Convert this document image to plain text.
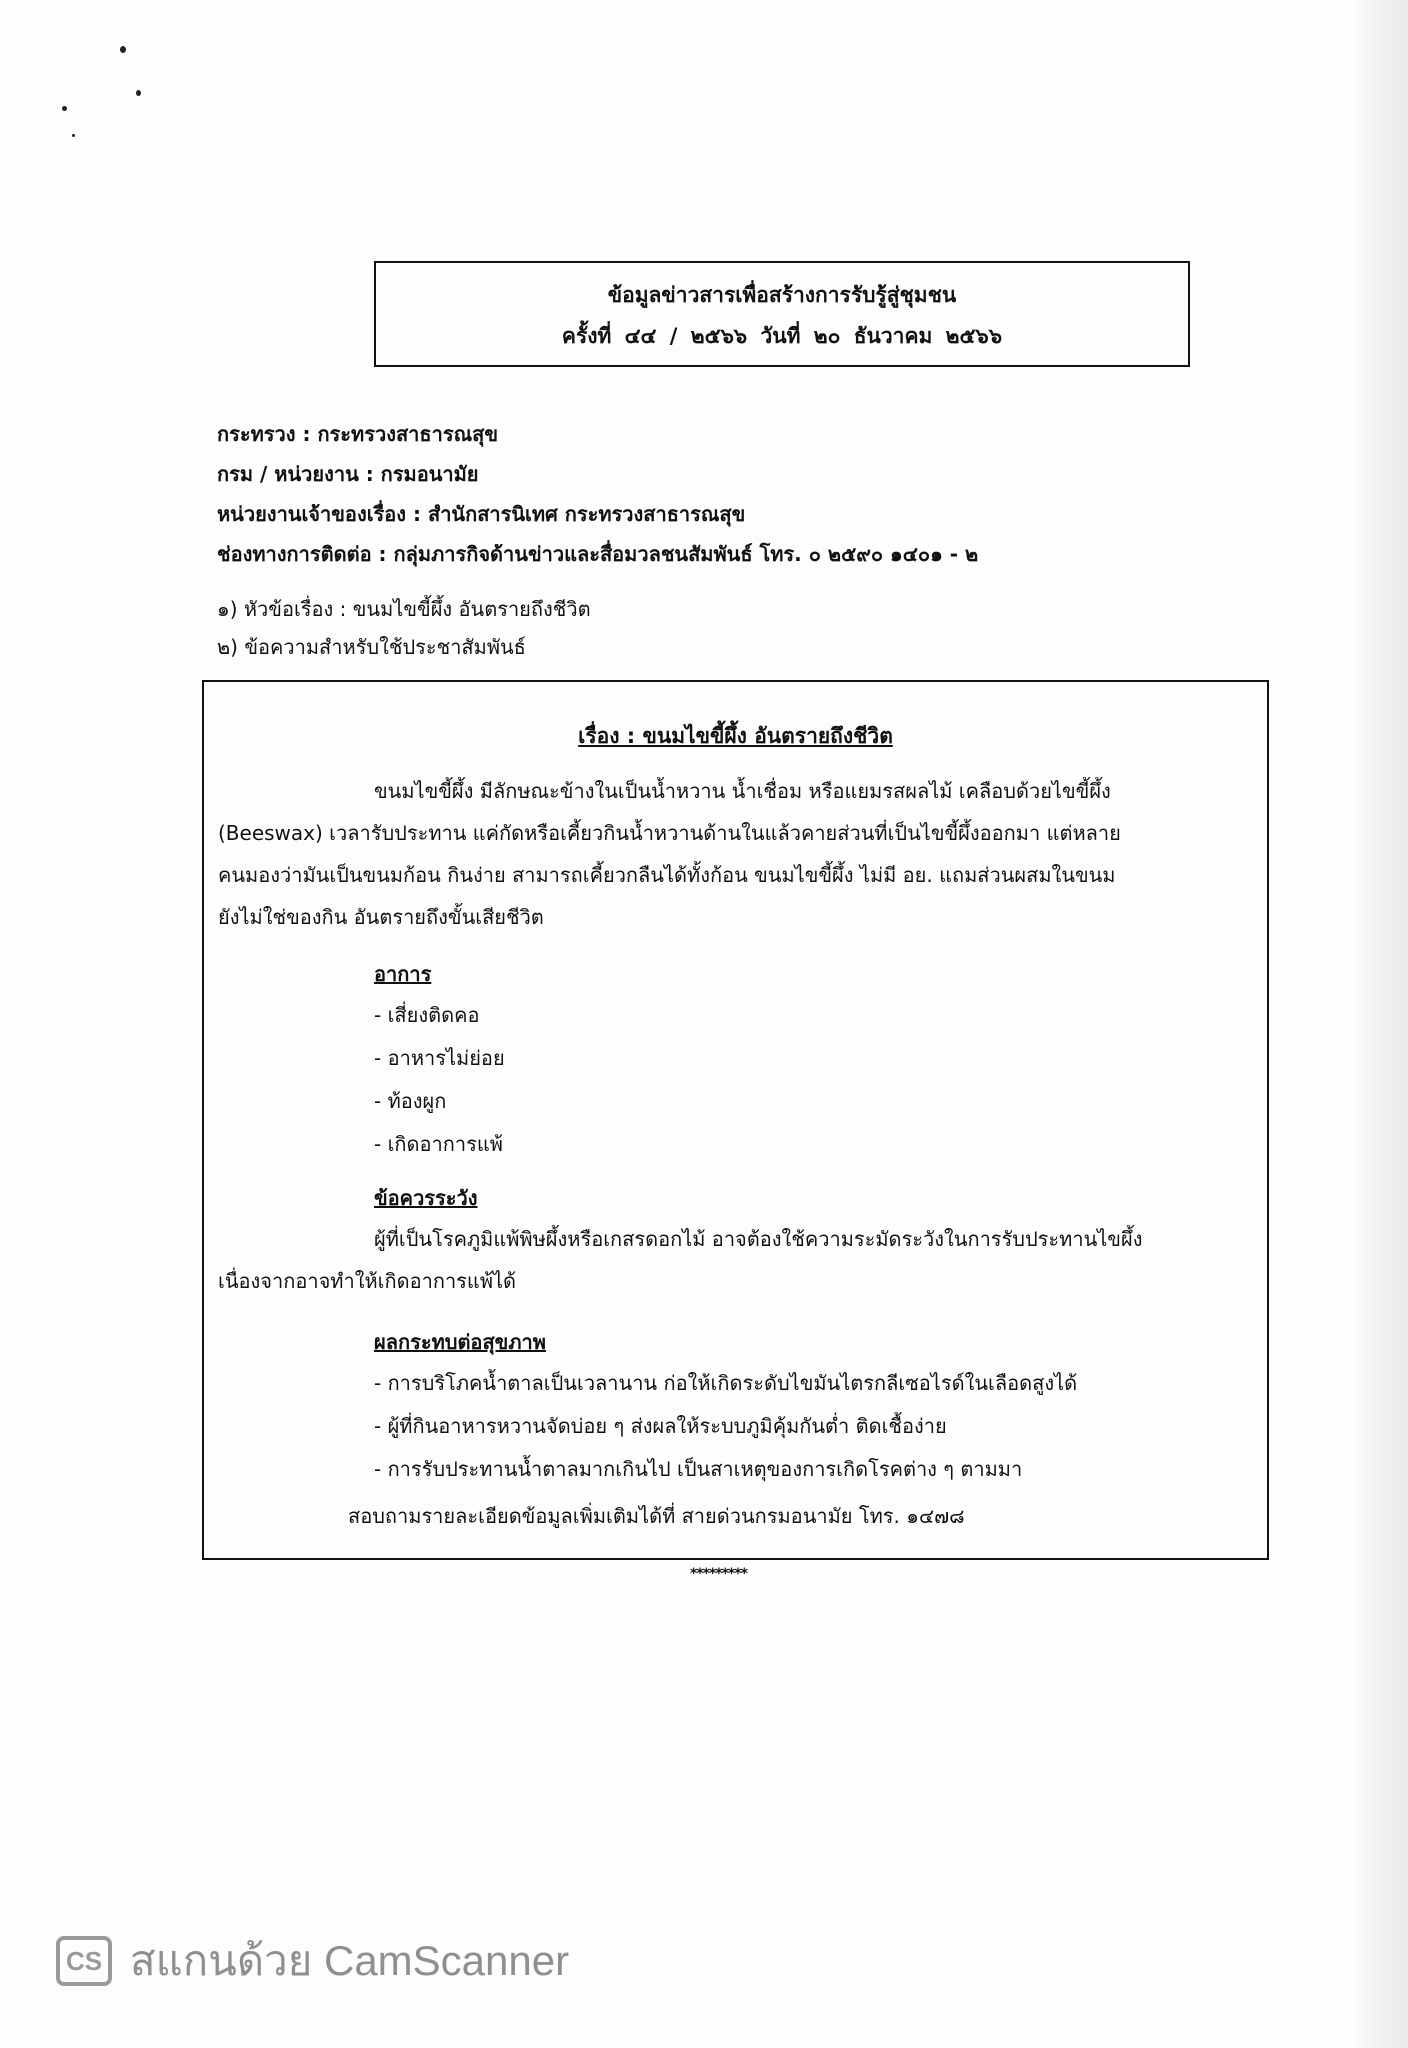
ข้อมูลข่าวสารเพื่อสร้างการรับรู้สู่ชุมชน
ครั้งที่ ๔๔ / ๒๕๖๖ วันที่ ๒๐ ธันวาคม ๒๕๖๖
กระทรวง : กระทรวงสาธารณสุข
กรม / หน่วยงาน : กรมอนามัย
หน่วยงานเจ้าของเรื่อง : สำนักสารนิเทศ กระทรวงสาธารณสุข
ช่องทางการติดต่อ : กลุ่มภารกิจด้านข่าวและสื่อมวลชนสัมพันธ์ โทร. ๐ ๒๕๙๐ ๑๔๐๑ - ๒
๑) หัวข้อเรื่อง : ขนมไขขี้ผึ้ง อันตรายถึงชีวิต
๒) ข้อความสำหรับใช้ประชาสัมพันธ์
เรื่อง : ขนมไขขี้ผึ้ง อันตรายถึงชีวิต
ขนมไขขี้ผึ้ง มีลักษณะข้างในเป็นน้ำหวาน น้ำเชื่อม หรือแยมรสผลไม้ เคลือบด้วยไขขี้ผึ้ง
(Beeswax) เวลารับประทาน แค่กัดหรือเคี้ยวกินน้ำหวานด้านในแล้วคายส่วนที่เป็นไขขี้ผึ้งออกมา แต่หลาย
คนมองว่ามันเป็นขนมก้อน กินง่าย สามารถเคี้ยวกลืนได้ทั้งก้อน ขนมไขขี้ผึ้ง ไม่มี อย. แถมส่วนผสมในขนม
ยังไม่ใช่ของกิน อันตรายถึงขั้นเสียชีวิต
อาการ
- เสี่ยงติดคอ
- อาหารไม่ย่อย
- ท้องผูก
- เกิดอาการแพ้
ข้อควรระวัง
ผู้ที่เป็นโรคภูมิแพ้พิษผึ้งหรือเกสรดอกไม้ อาจต้องใช้ความระมัดระวังในการรับประทานไขผึ้ง
เนื่องจากอาจทำให้เกิดอาการแพ้ได้
ผลกระทบต่อสุขภาพ
- การบริโภคน้ำตาลเป็นเวลานาน ก่อให้เกิดระดับไขมันไตรกลีเซอไรด์ในเลือดสูงได้
- ผู้ที่กินอาหารหวานจัดบ่อย ๆ ส่งผลให้ระบบภูมิคุ้มกันต่ำ ติดเชื้อง่าย
- การรับประทานน้ำตาลมากเกินไป เป็นสาเหตุของการเกิดโรคต่าง ๆ ตามมา
สอบถามรายละเอียดข้อมูลเพิ่มเติมได้ที่ สายด่วนกรมอนามัย โทร. ๑๔๗๘
*********
CS สแกนด้วย CamScanner
